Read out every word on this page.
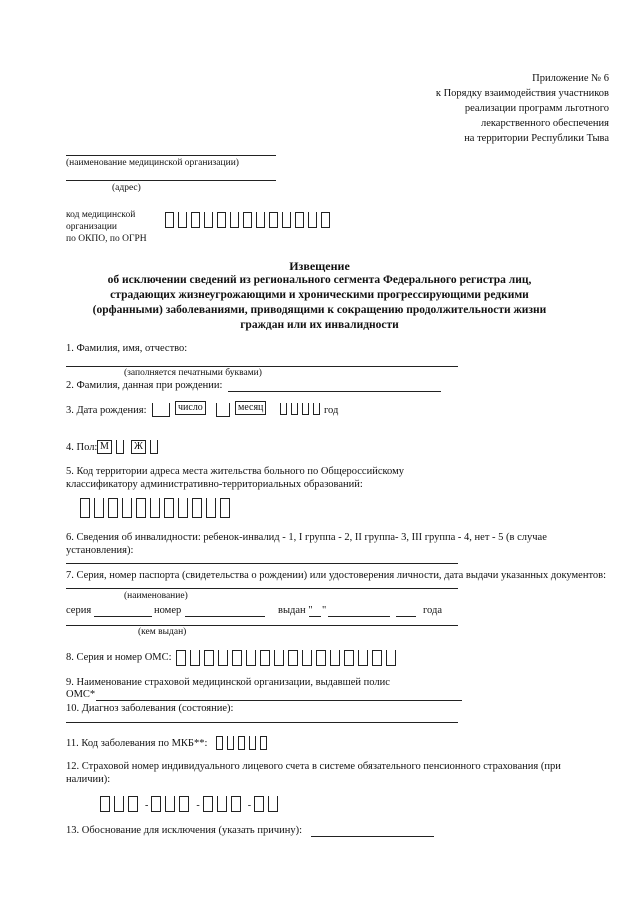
Приложение № 6
к Порядку взаимодействия участников
реализации программ льготного
лекарственного обеспечения
на территории Республики Тыва
(наименование медицинской организации)
(адрес)
код медицинской
организации
по ОКПО, по ОГРН
Извещение
об исключении сведений из регионального сегмента Федерального регистра лиц,
страдающих жизнеугрожающими и хроническими прогрессирующими редкими
(орфанными) заболеваниями, приводящими к сокращению продолжительности жизни
граждан или их инвалидности
1. Фамилия, имя, отчество:
(заполняется печатными буквами)
2. Фамилия, данная при рождении:
3. Дата рождения:	число	месяц	год
4. Пол: М	Ж
5. Код территории адреса места жительства больного по Общероссийскому
классификатору административно-территориальных образований:
6. Сведения об инвалидности: ребенок-инвалид - 1, I группа - 2, II группа- 3, III группа - 4, нет - 5 (в случае
установления):
7. Серия, номер паспорта (свидетельства о рождении) или удостоверения личности, дата выдачи указанных документов:
(наименование)
серия	номер	выдан " "	года
(кем выдан)
8. Серия и номер ОМС:
9. Наименование страховой медицинской организации, выдавшей полис
ОМС*
10. Диагноз заболевания (состояние):
11. Код заболевания по МКБ**:
12. Страховой номер индивидуального лицевого счета в системе обязательного пенсионного страхования (при
наличии):
-	-	-
13. Обоснование для исключения (указать причину):
